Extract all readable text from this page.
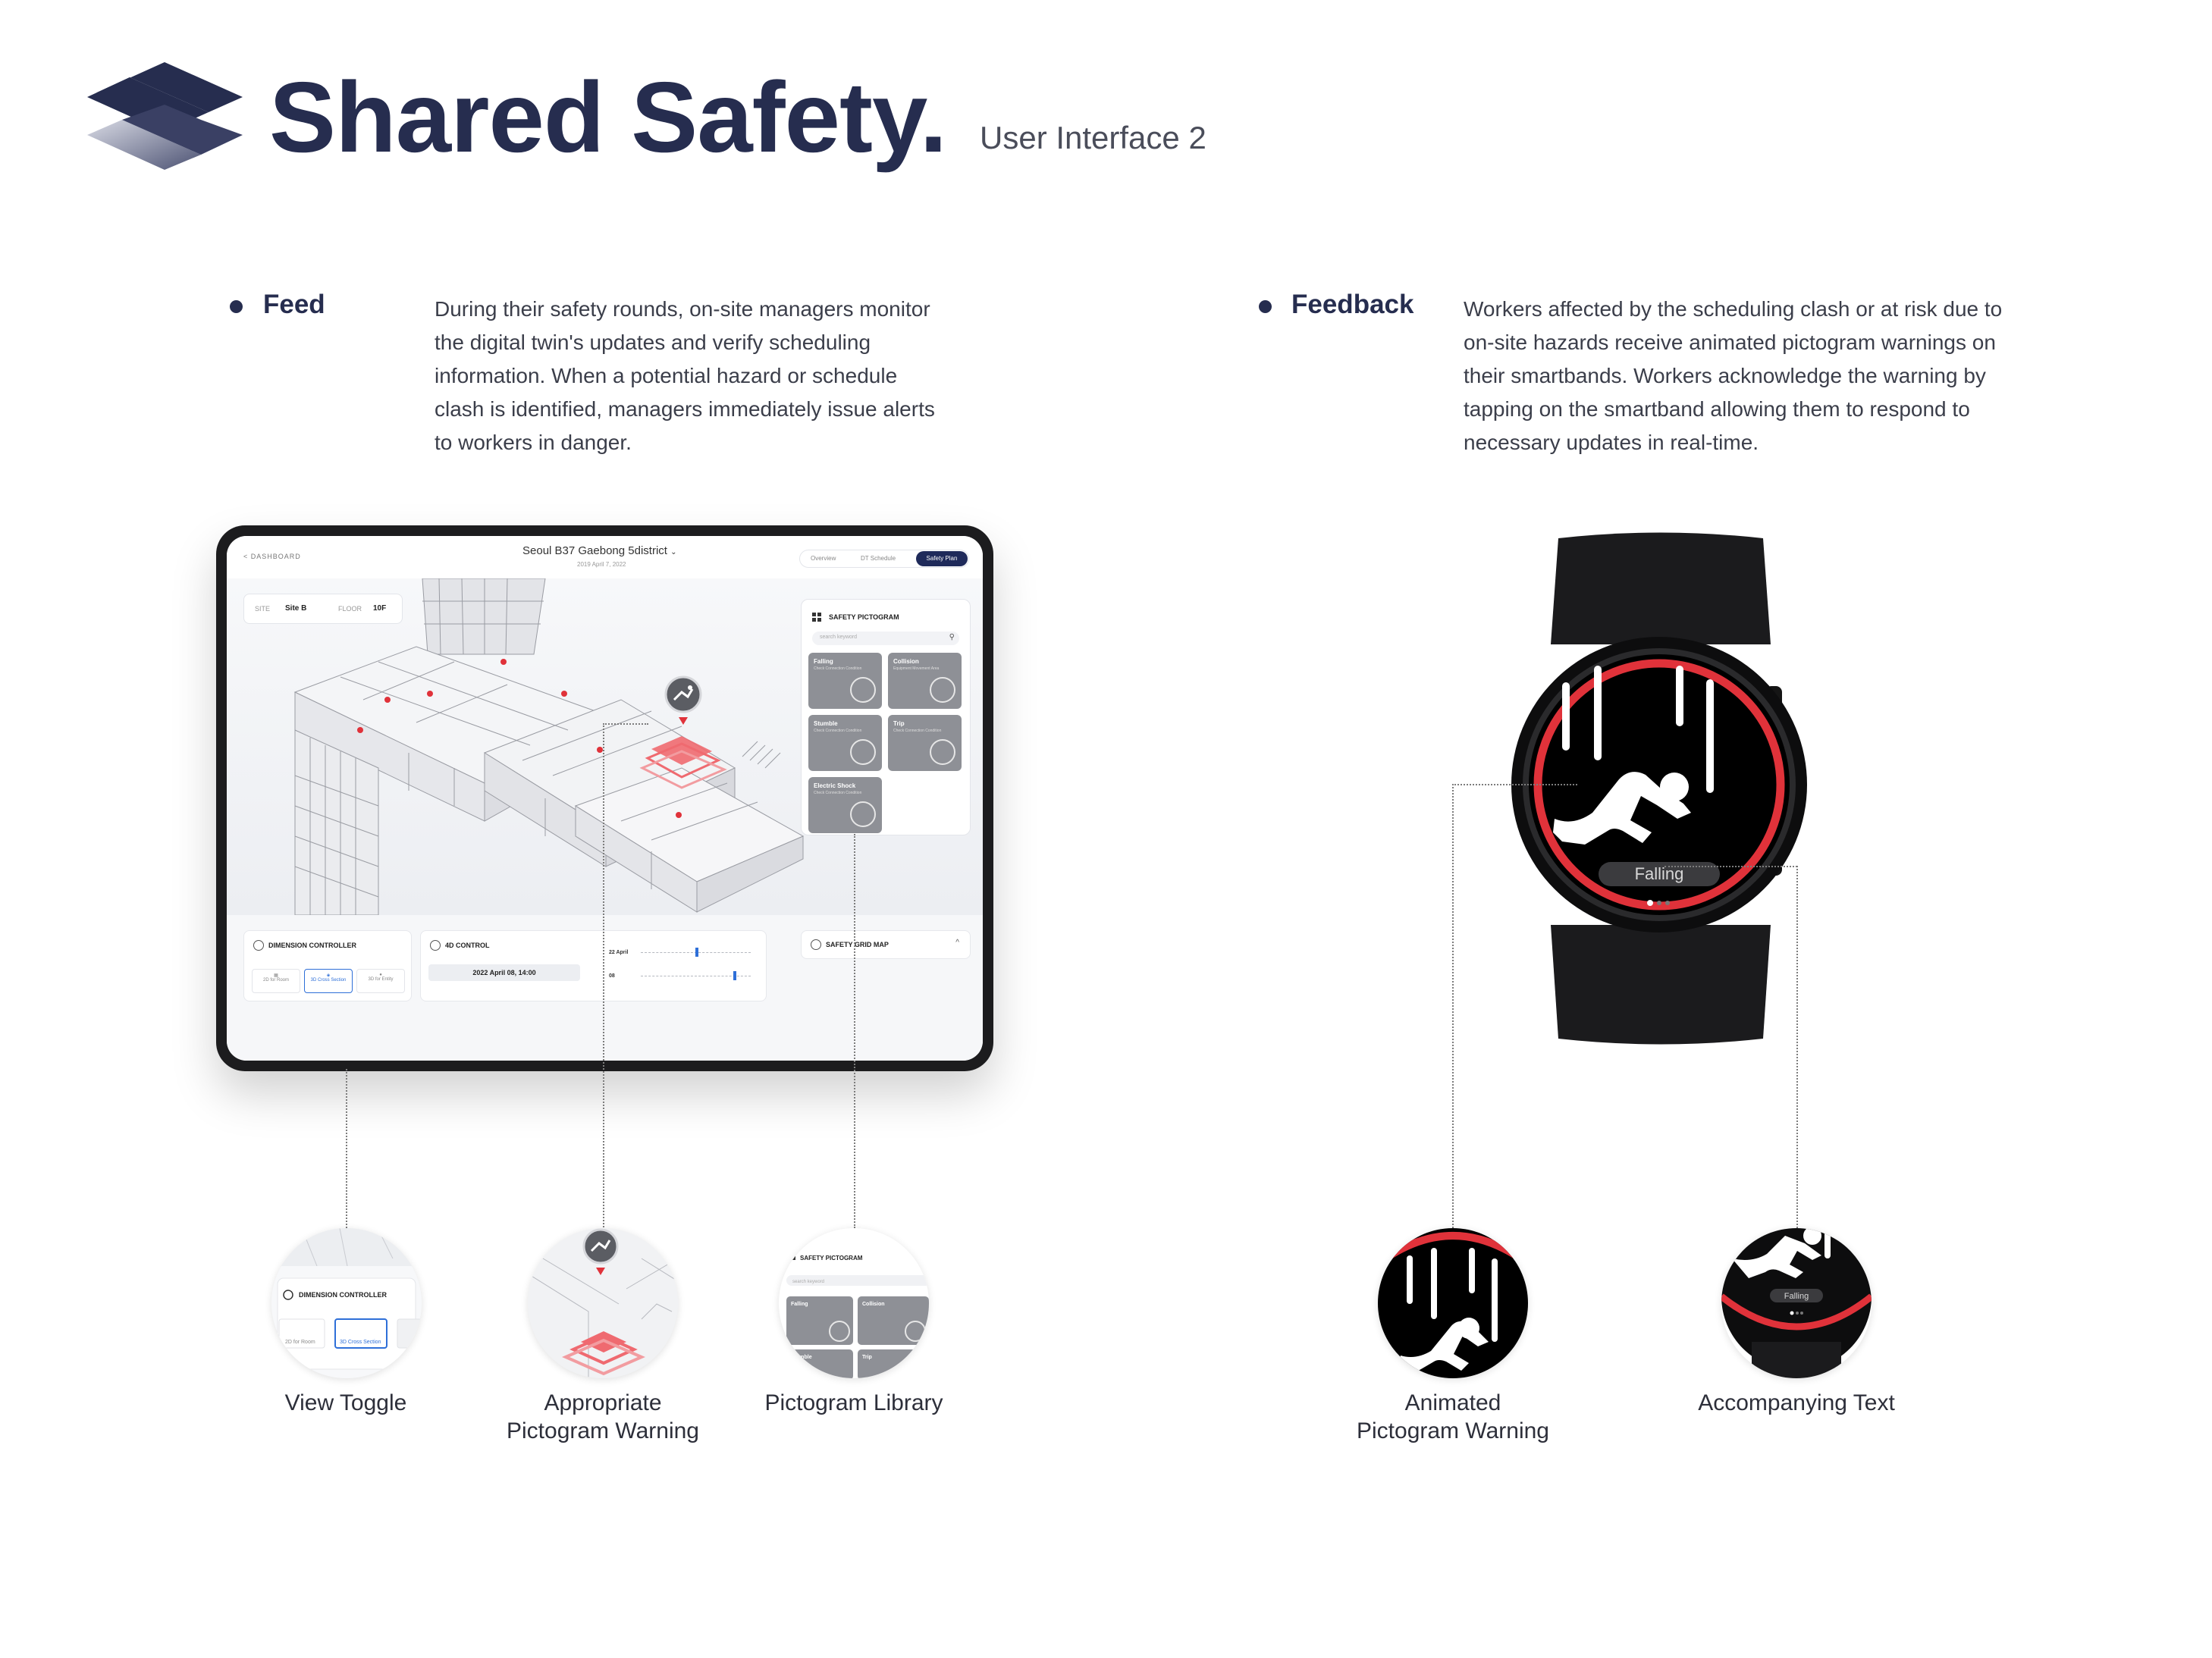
Shared Safety. User Interface 2
Feed	During their safety rounds, on-site managers monitor
the digital twin's updates and verify scheduling
information. When a potential hazard or schedule
clash is identified, managers immediately issue alerts
to workers in danger.
Feedback Workers affected by the scheduling clash or at risk due to
on-site hazards receive animated pictogram warnings on
their smartbands. Workers acknowledge the warning by
tapping on the smartband allowing them to respond to
necessary updates in real-time.
< DASHBOARD	Seoul B37 Gaebong 5district ⌄
2019 April 7, 2022
Overview	DT Schedule	Safety Plan
SITE Site B	FLOOR 10F
SAFETY PICTOGRAM
search keyword	⚲
Falling
Check Connection Condition
Collision
Equipment Movement Area
Stumble
Check Connection Condition
Trip
Check Connection Condition
Electric Shock
Check Connection Condition
DIMENSION CONTROLLER
▦
2D for Room
◈
3D Cross Section
●
3D for Entity
4D CONTROL
2022 April 08, 14:00
22 April
08
SAFETY GRID MAP	^
Falling
DIMENSION CONTROLLER
2D for Room	3D Cross Section
View Toggle	Appropriate Pictogram Warning
SAFETY PICTOGRAM
search keyword
Falling	Collision
Stumble	Trip
Pictogram Library	Animated Pictogram Warning
Falling
Accompanying Text
